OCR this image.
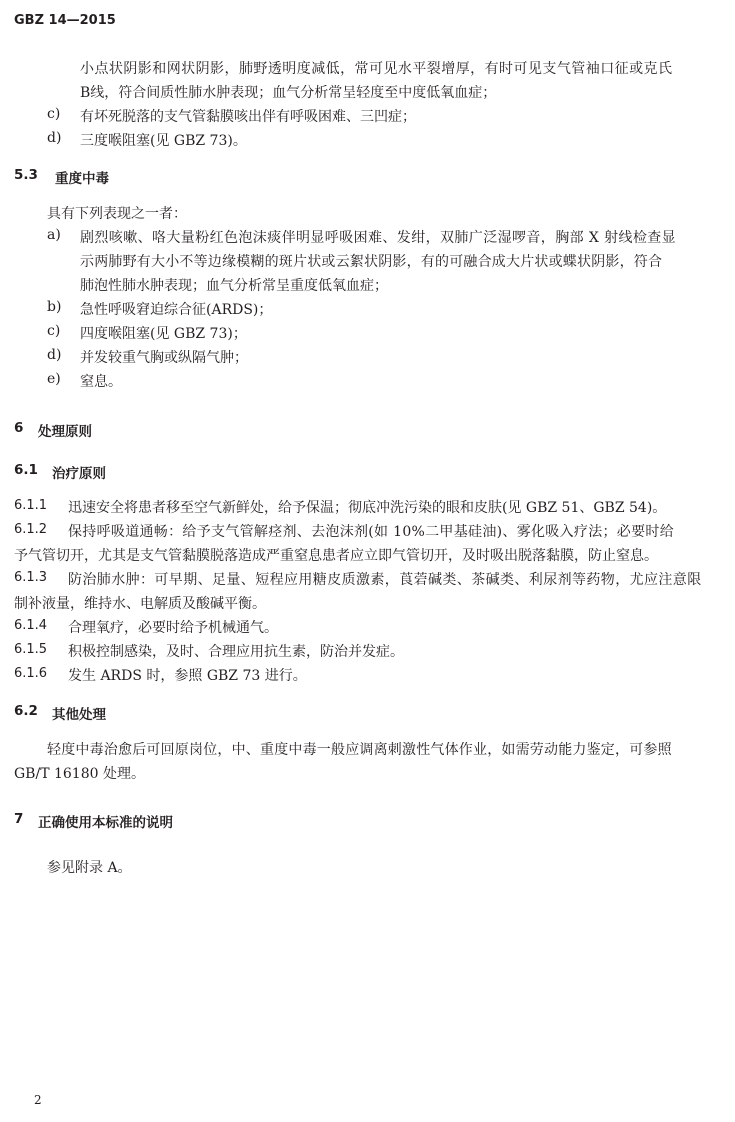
GBZ 14—2015
小点状阴影和网状阴影，肺野透明度减低，常可见水平裂增厚，有时可见支气管袖口征或克氏
B线，符合间质性肺水肿表现；血气分析常呈轻度至中度低氧血症；
c) 有坏死脱落的支气管黏膜咳出伴有呼吸困难、三凹症；
d) 三度喉阻塞(见 GBZ 73)。
5.3 重度中毒
具有下列表现之一者：
a) 剧烈咳嗽、咯大量粉红色泡沫痰伴明显呼吸困难、发绀，双肺广泛湿啰音，胸部 X 射线检查显
示两肺野有大小不等边缘模糊的斑片状或云絮状阴影，有的可融合成大片状或蝶状阴影，符合
肺泡性肺水肿表现；血气分析常呈重度低氧血症；
b) 急性呼吸窘迫综合征(ARDS)；
c) 四度喉阻塞(见 GBZ 73)；
d) 并发较重气胸或纵隔气肿；
e) 窒息。
6 处理原则
6.1 治疗原则
6.1.1 迅速安全将患者移至空气新鲜处，给予保温；彻底冲洗污染的眼和皮肤(见 GBZ 51、GBZ 54)。
6.1.2 保持呼吸道通畅：给予支气管解痉剂、去泡沫剂(如 10%二甲基硅油)、雾化吸入疗法；必要时给
予气管切开，尤其是支气管黏膜脱落造成严重窒息患者应立即气管切开，及时吸出脱落黏膜，防止窒息。
6.1.3 防治肺水肿：可早期、足量、短程应用糖皮质激素，莨菪碱类、茶碱类、利尿剂等药物，尤应注意限
制补液量，维持水、电解质及酸碱平衡。
6.1.4 合理氧疗，必要时给予机械通气。
6.1.5 积极控制感染，及时、合理应用抗生素，防治并发症。
6.1.6 发生 ARDS 时，参照 GBZ 73 进行。
6.2 其他处理
轻度中毒治愈后可回原岗位，中、重度中毒一般应调离刺激性气体作业，如需劳动能力鉴定，可参照
GB/T 16180 处理。
7 正确使用本标准的说明
参见附录 A。
2
